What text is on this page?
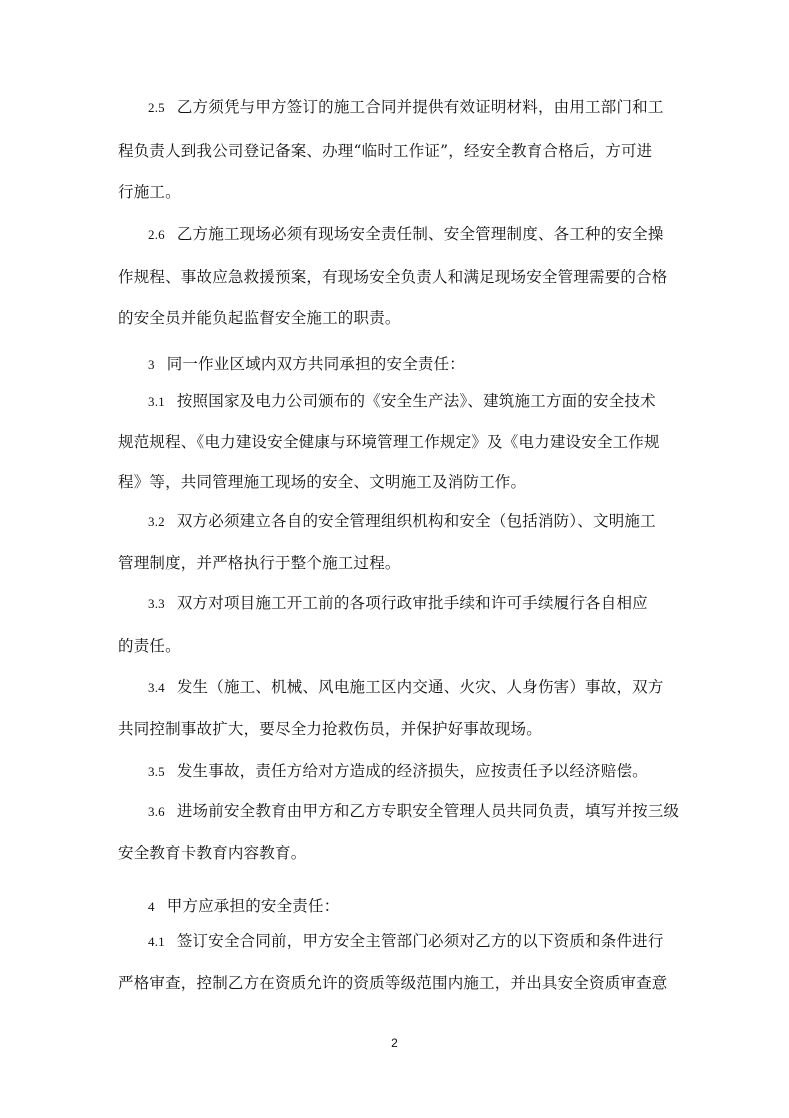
2.5 乙方须凭与甲方签订的施工合同并提供有效证明材料，由用工部门和工
程负责人到我公司登记备案、办理“临时工作证”，经安全教育合格后，方可进
行施工。
2.6 乙方施工现场必须有现场安全责任制、安全管理制度、各工种的安全操
作规程、事故应急救援预案，有现场安全负责人和满足现场安全管理需要的合格
的安全员并能负起监督安全施工的职责。
3 同一作业区域内双方共同承担的安全责任：
3.1 按照国家及电力公司颁布的《安全生产法》、建筑施工方面的安全技术
规范规程、《电力建设安全健康与环境管理工作规定》及《电力建设安全工作规
程》等，共同管理施工现场的安全、文明施工及消防工作。
3.2 双方必须建立各自的安全管理组织机构和安全（包括消防）、文明施工
管理制度，并严格执行于整个施工过程。
3.3 双方对项目施工开工前的各项行政审批手续和许可手续履行各自相应
的责任。
3.4 发生（施工、机械、风电施工区内交通、火灾、人身伤害）事故，双方
共同控制事故扩大，要尽全力抢救伤员，并保护好事故现场。
3.5 发生事故，责任方给对方造成的经济损失，应按责任予以经济赔偿。
3.6 进场前安全教育由甲方和乙方专职安全管理人员共同负责，填写并按三级
安全教育卡教育内容教育。
4 甲方应承担的安全责任：
4.1 签订安全合同前，甲方安全主管部门必须对乙方的以下资质和条件进行
严格审查，控制乙方在资质允许的资质等级范围内施工，并出具安全资质审查意
2
